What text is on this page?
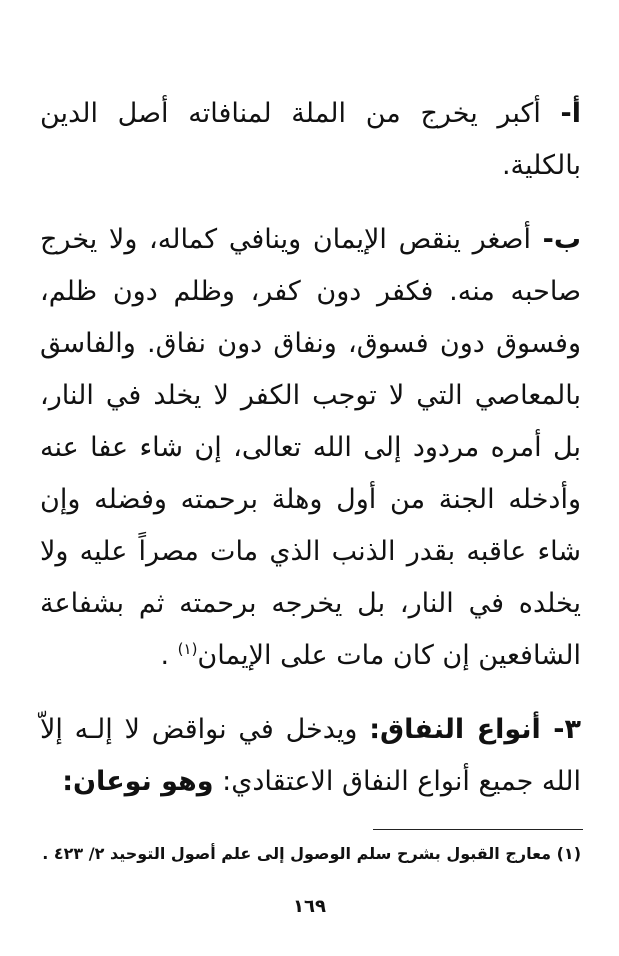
أ- أكبر يخرج من الملة لمنافاته أصل الدين بالكلية.

ب- أصغر ينقص الإيمان وينافي كماله، ولا يخرج صاحبه منه. فكفر دون كفر، وظلم دون ظلم، وفسوق دون فسوق، ونفاق دون نفاق. والفاسق بالمعاصي التي لا توجب الكفر لا يخلد في النار، بل أمره مردود إلى الله تعالى، إن شاء عفا عنه وأدخله الجنة من أول وهلة برحمته وفضله وإن شاء عاقبه بقدر الذنب الذي مات مصراً عليه ولا يخلده في النار، بل يخرجه برحمته ثم بشفاعة الشافعين إن كان مات على الإيمان$^{(١)}$ .

٣- أنواع النفاق: ويدخل في نواقض لا إلـه إلاّ الله جميع أنواع النفاق الاعتقادي: وهو نوعان:

(١) معارج القبول بشرح سلم الوصول إلى علم أصول التوحيد ٢/ ٤٢٣ .
١٦٩
